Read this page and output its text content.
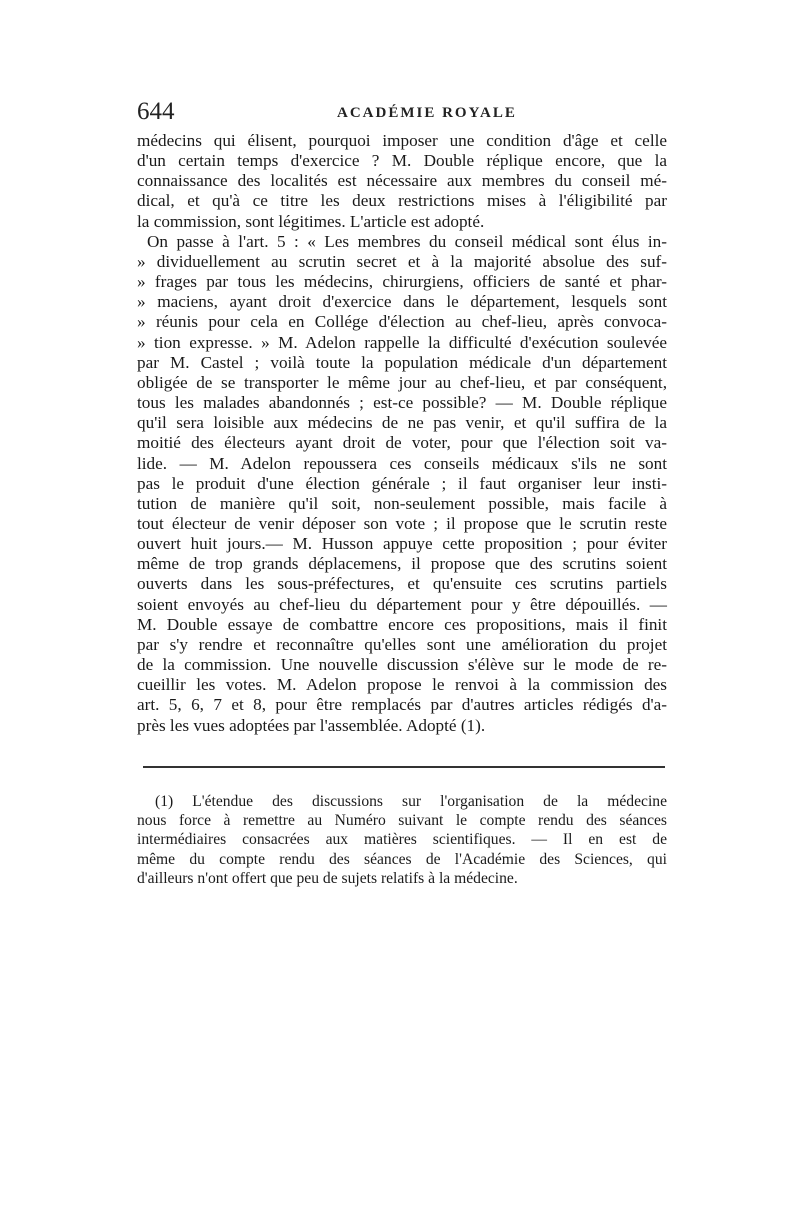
644	ACADÉMIE ROYALE
médecins qui élisent, pourquoi imposer une condition d'âge et celle
d'un certain temps d'exercice ? M. Double réplique encore, que la
connaissance des localités est nécessaire aux membres du conseil mé-
dical, et qu'à ce titre les deux restrictions mises à l'éligibilité par
la commission, sont légitimes. L'article est adopté.
On passe à l'art. 5 : « Les membres du conseil médical sont élus in-
» dividuellement au scrutin secret et à la majorité absolue des suf-
» frages par tous les médecins, chirurgiens, officiers de santé et phar-
» maciens, ayant droit d'exercice dans le département, lesquels sont
» réunis pour cela en Collége d'élection au chef-lieu, après convoca-
» tion expresse. » M. Adelon rappelle la difficulté d'exécution soulevée
par M. Castel ; voilà toute la population médicale d'un département
obligée de se transporter le même jour au chef-lieu, et par conséquent,
tous les malades abandonnés ; est-ce possible? — M. Double réplique
qu'il sera loisible aux médecins de ne pas venir, et qu'il suffira de la
moitié des électeurs ayant droit de voter, pour que l'élection soit va-
lide. — M. Adelon repoussera ces conseils médicaux s'ils ne sont
pas le produit d'une élection générale ; il faut organiser leur insti-
tution de manière qu'il soit, non-seulement possible, mais facile à
tout électeur de venir déposer son vote ; il propose que le scrutin reste
ouvert huit jours.— M. Husson appuye cette proposition ; pour éviter
même de trop grands déplacemens, il propose que des scrutins soient
ouverts dans les sous-préfectures, et qu'ensuite ces scrutins partiels
soient envoyés au chef-lieu du département pour y être dépouillés. —
M. Double essaye de combattre encore ces propositions, mais il finit
par s'y rendre et reconnaître qu'elles sont une amélioration du projet
de la commission. Une nouvelle discussion s'élève sur le mode de re-
cueillir les votes. M. Adelon propose le renvoi à la commission des
art. 5, 6, 7 et 8, pour être remplacés par d'autres articles rédigés d'a-
près les vues adoptées par l'assemblée. Adopté (1).
(1) L'étendue des discussions sur l'organisation de la médecine
nous force à remettre au Numéro suivant le compte rendu des séances
intermédiaires consacrées aux matières scientifiques. — Il en est de
même du compte rendu des séances de l'Académie des Sciences, qui
d'ailleurs n'ont offert que peu de sujets relatifs à la médecine.
